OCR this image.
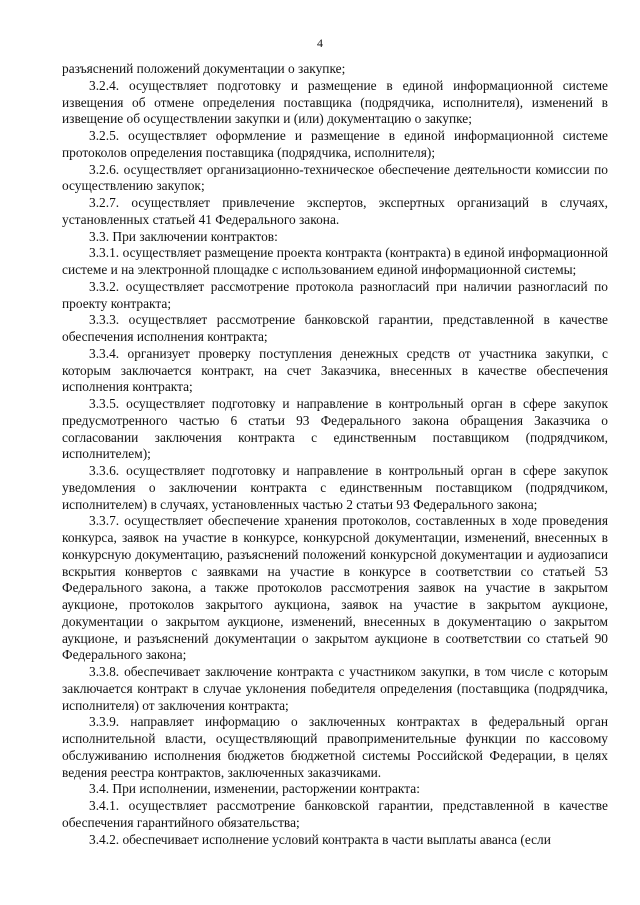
4

разъяснений положений документации о закупке;

3.2.4. осуществляет подготовку и размещение в единой информационной системе извещения об отмене определения поставщика (подрядчика, исполнителя), изменений в извещение об осуществлении закупки и (или) документацию о закупке;

3.2.5. осуществляет оформление и размещение в единой информационной системе протоколов определения поставщика (подрядчика, исполнителя);

3.2.6. осуществляет организационно-техническое обеспечение деятельности комиссии по осуществлению закупок;

3.2.7. осуществляет привлечение экспертов, экспертных организаций в случаях, установленных статьей 41 Федерального закона.

3.3. При заключении контрактов:

3.3.1. осуществляет размещение проекта контракта (контракта) в единой информационной системе и на электронной площадке с использованием единой информационной системы;

3.3.2. осуществляет рассмотрение протокола разногласий при наличии разногласий по проекту контракта;

3.3.3. осуществляет рассмотрение банковской гарантии, представленной в качестве обеспечения исполнения контракта;

3.3.4. организует проверку поступления денежных средств от участника закупки, с которым заключается контракт, на счет Заказчика, внесенных в качестве обеспечения исполнения контракта;

3.3.5. осуществляет подготовку и направление в контрольный орган в сфере закупок предусмотренного частью 6 статьи 93 Федерального закона обращения Заказчика о согласовании заключения контракта с единственным поставщиком (подрядчиком, исполнителем);

3.3.6. осуществляет подготовку и направление в контрольный орган в сфере закупок уведомления о заключении контракта с единственным поставщиком (подрядчиком, исполнителем) в случаях, установленных частью 2 статьи 93 Федерального закона;

3.3.7. осуществляет обеспечение хранения протоколов, составленных в ходе проведения конкурса, заявок на участие в конкурсе, конкурсной документации, изменений, внесенных в конкурсную документацию, разъяснений положений конкурсной документации и аудиозаписи вскрытия конвертов с заявками на участие в конкурсе в соответствии со статьей 53 Федерального закона, а также протоколов рассмотрения заявок на участие в закрытом аукционе, протоколов закрытого аукциона, заявок на участие в закрытом аукционе, документации о закрытом аукционе, изменений, внесенных в документацию о закрытом аукционе, и разъяснений документации о закрытом аукционе в соответствии со статьей 90 Федерального закона;

3.3.8. обеспечивает заключение контракта с участником закупки, в том числе с которым заключается контракт в случае уклонения победителя определения (поставщика (подрядчика, исполнителя) от заключения контракта;

3.3.9. направляет информацию о заключенных контрактах в федеральный орган исполнительной власти, осуществляющий правоприменительные функции по кассовому обслуживанию исполнения бюджетов бюджетной системы Российской Федерации, в целях ведения реестра контрактов, заключенных заказчиками.

3.4. При исполнении, изменении, расторжении контракта:

3.4.1. осуществляет рассмотрение банковской гарантии, представленной в качестве обеспечения гарантийного обязательства;

3.4.2. обеспечивает исполнение условий контракта в части выплаты аванса (если
